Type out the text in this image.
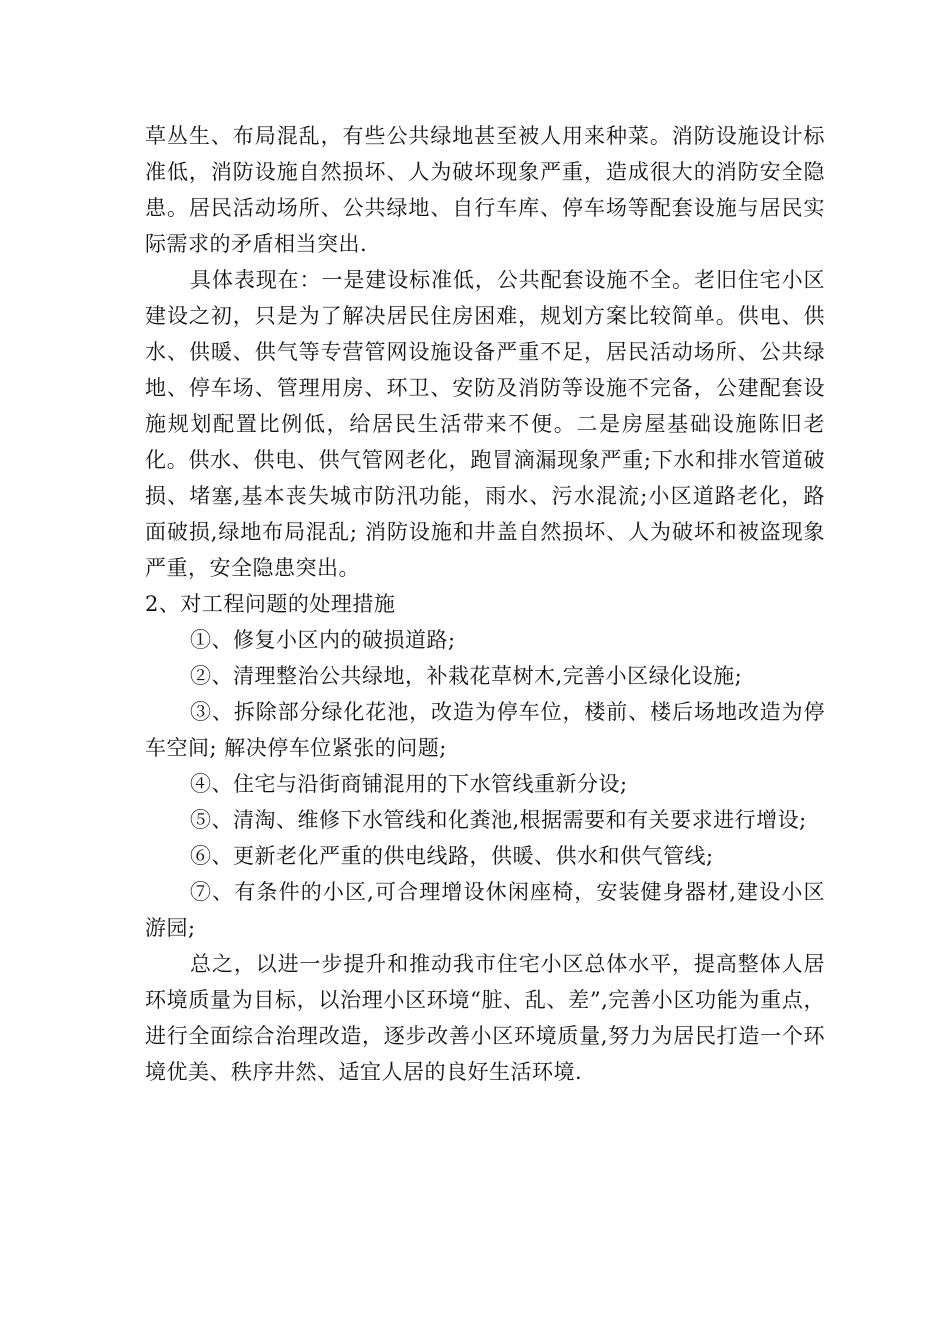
草丛生、布局混乱，有些公共绿地甚至被人用来种菜。消防设施设计标准低，消防设施自然损坏、人为破坏现象严重，造成很大的消防安全隐患。居民活动场所、公共绿地、自行车库、停车场等配套设施与居民实际需求的矛盾相当突出.

具体表现在：一是建设标准低，公共配套设施不全。老旧住宅小区建设之初，只是为了解决居民住房困难，规划方案比较简单。供电、供水、供暖、供气等专营管网设施设备严重不足，居民活动场所、公共绿地、停车场、管理用房、环卫、安防及消防等设施不完备，公建配套设施规划配置比例低，给居民生活带来不便。二是房屋基础设施陈旧老化。供水、供电、供气管网老化，跑冒滴漏现象严重;下水和排水管道破损、堵塞,基本丧失城市防汛功能，雨水、污水混流;小区道路老化，路面破损,绿地布局混乱; 消防设施和井盖自然损坏、人为破坏和被盗现象严重，安全隐患突出。

2、对工程问题的处理措施

①、修复小区内的破损道路;

②、清理整治公共绿地，补栽花草树木,完善小区绿化设施;

③、拆除部分绿化花池，改造为停车位，楼前、楼后场地改造为停车空间; 解决停车位紧张的问题;

④、住宅与沿街商铺混用的下水管线重新分设;

⑤、清淘、维修下水管线和化粪池,根据需要和有关要求进行增设;

⑥、更新老化严重的供电线路，供暖、供水和供气管线;

⑦、有条件的小区,可合理增设休闲座椅，安装健身器材,建设小区游园;

总之，以进一步提升和推动我市住宅小区总体水平，提高整体人居环境质量为目标，以治理小区环境“脏、乱、差”,完善小区功能为重点，进行全面综合治理改造，逐步改善小区环境质量,努力为居民打造一个环境优美、秩序井然、适宜人居的良好生活环境.
